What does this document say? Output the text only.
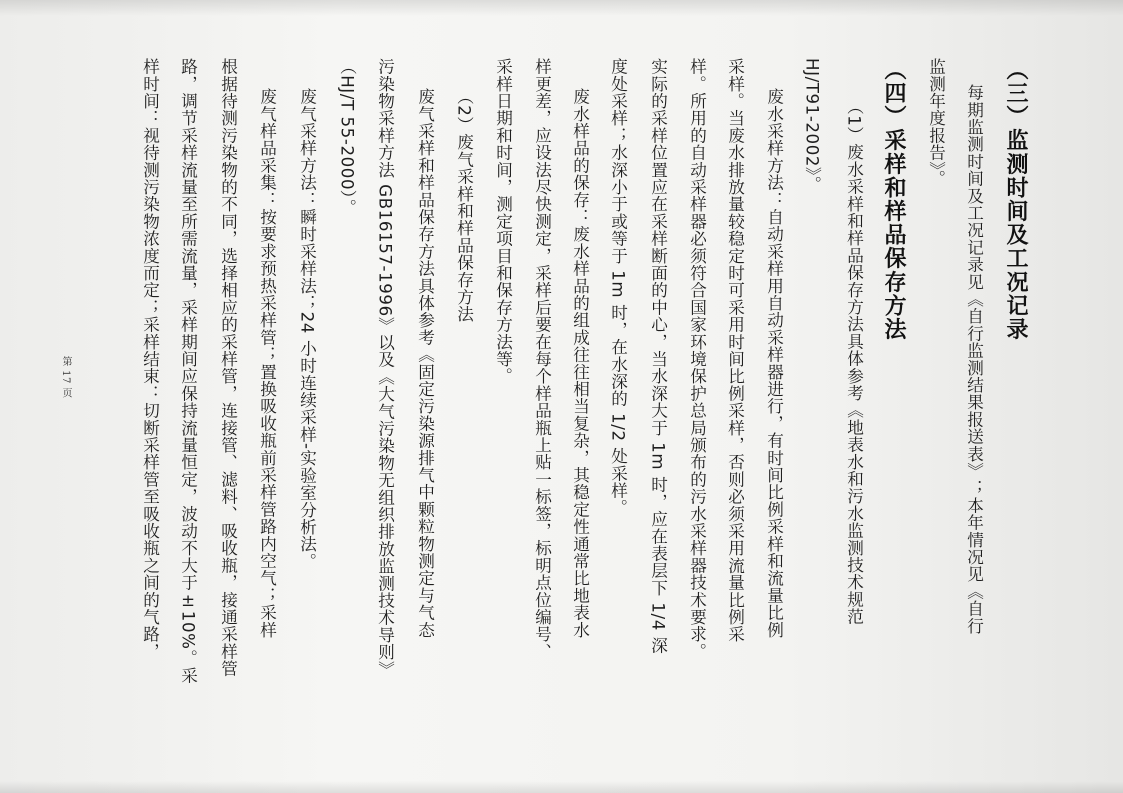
（三）监测时间及工况记录
每期监测时间及工况记录见《自行监测结果报送表》；本年情况见《自行
监测年度报告》。
（四）采样和样品保存方法
（1）废水采样和样品保存方法具体参考《地表水和污水监测技术规范
HJ/T91-2002》。
废水采样方法：自动采样用自动采样器进行，有时间比例采样和流量比例
采样。当废水排放量较稳定时可采用时间比例采样，否则必须采用流量比例采
样。所用的自动采样器必须符合国家环境保护总局颁布的污水采样器技术要求。
实际的采样位置应在采样断面的中心，当水深大于 1m 时，应在表层下 1/4 深
度处采样；水深小于或等于 1m 时，在水深的 1/2 处采样。
废水样品的保存：废水样品的组成往往相当复杂，其稳定性通常比地表水
样更差，应设法尽快测定，采样后要在每个样品瓶上贴一标签，标明点位编号、
采样日期和时间，测定项目和保存方法等。
（2）废气采样和样品保存方法
废气采样和样品保存方法具体参考《固定污染源排气中颗粒物测定与气态
污染物采样方法 GB16157-1996》以及《大气污染物无组织排放监测技术导则》
（HJ/T 55-2000）。
废气采样方法：瞬时采样法；24 小时连续采样-实验室分析法。
废气样品采集：按要求预热采样管；置换吸收瓶前采样管路内空气；采样
根据待测污染物的不同，选择相应的采样管，连接管、滤料、吸收瓶，接通采样管
路，调节采样流量至所需流量，采样期间应保持流量恒定，波动不大于±10%。采
样时间：视待测污染物浓度而定；采样结束：切断采样管至吸收瓶之间的气路，
第 17 页
